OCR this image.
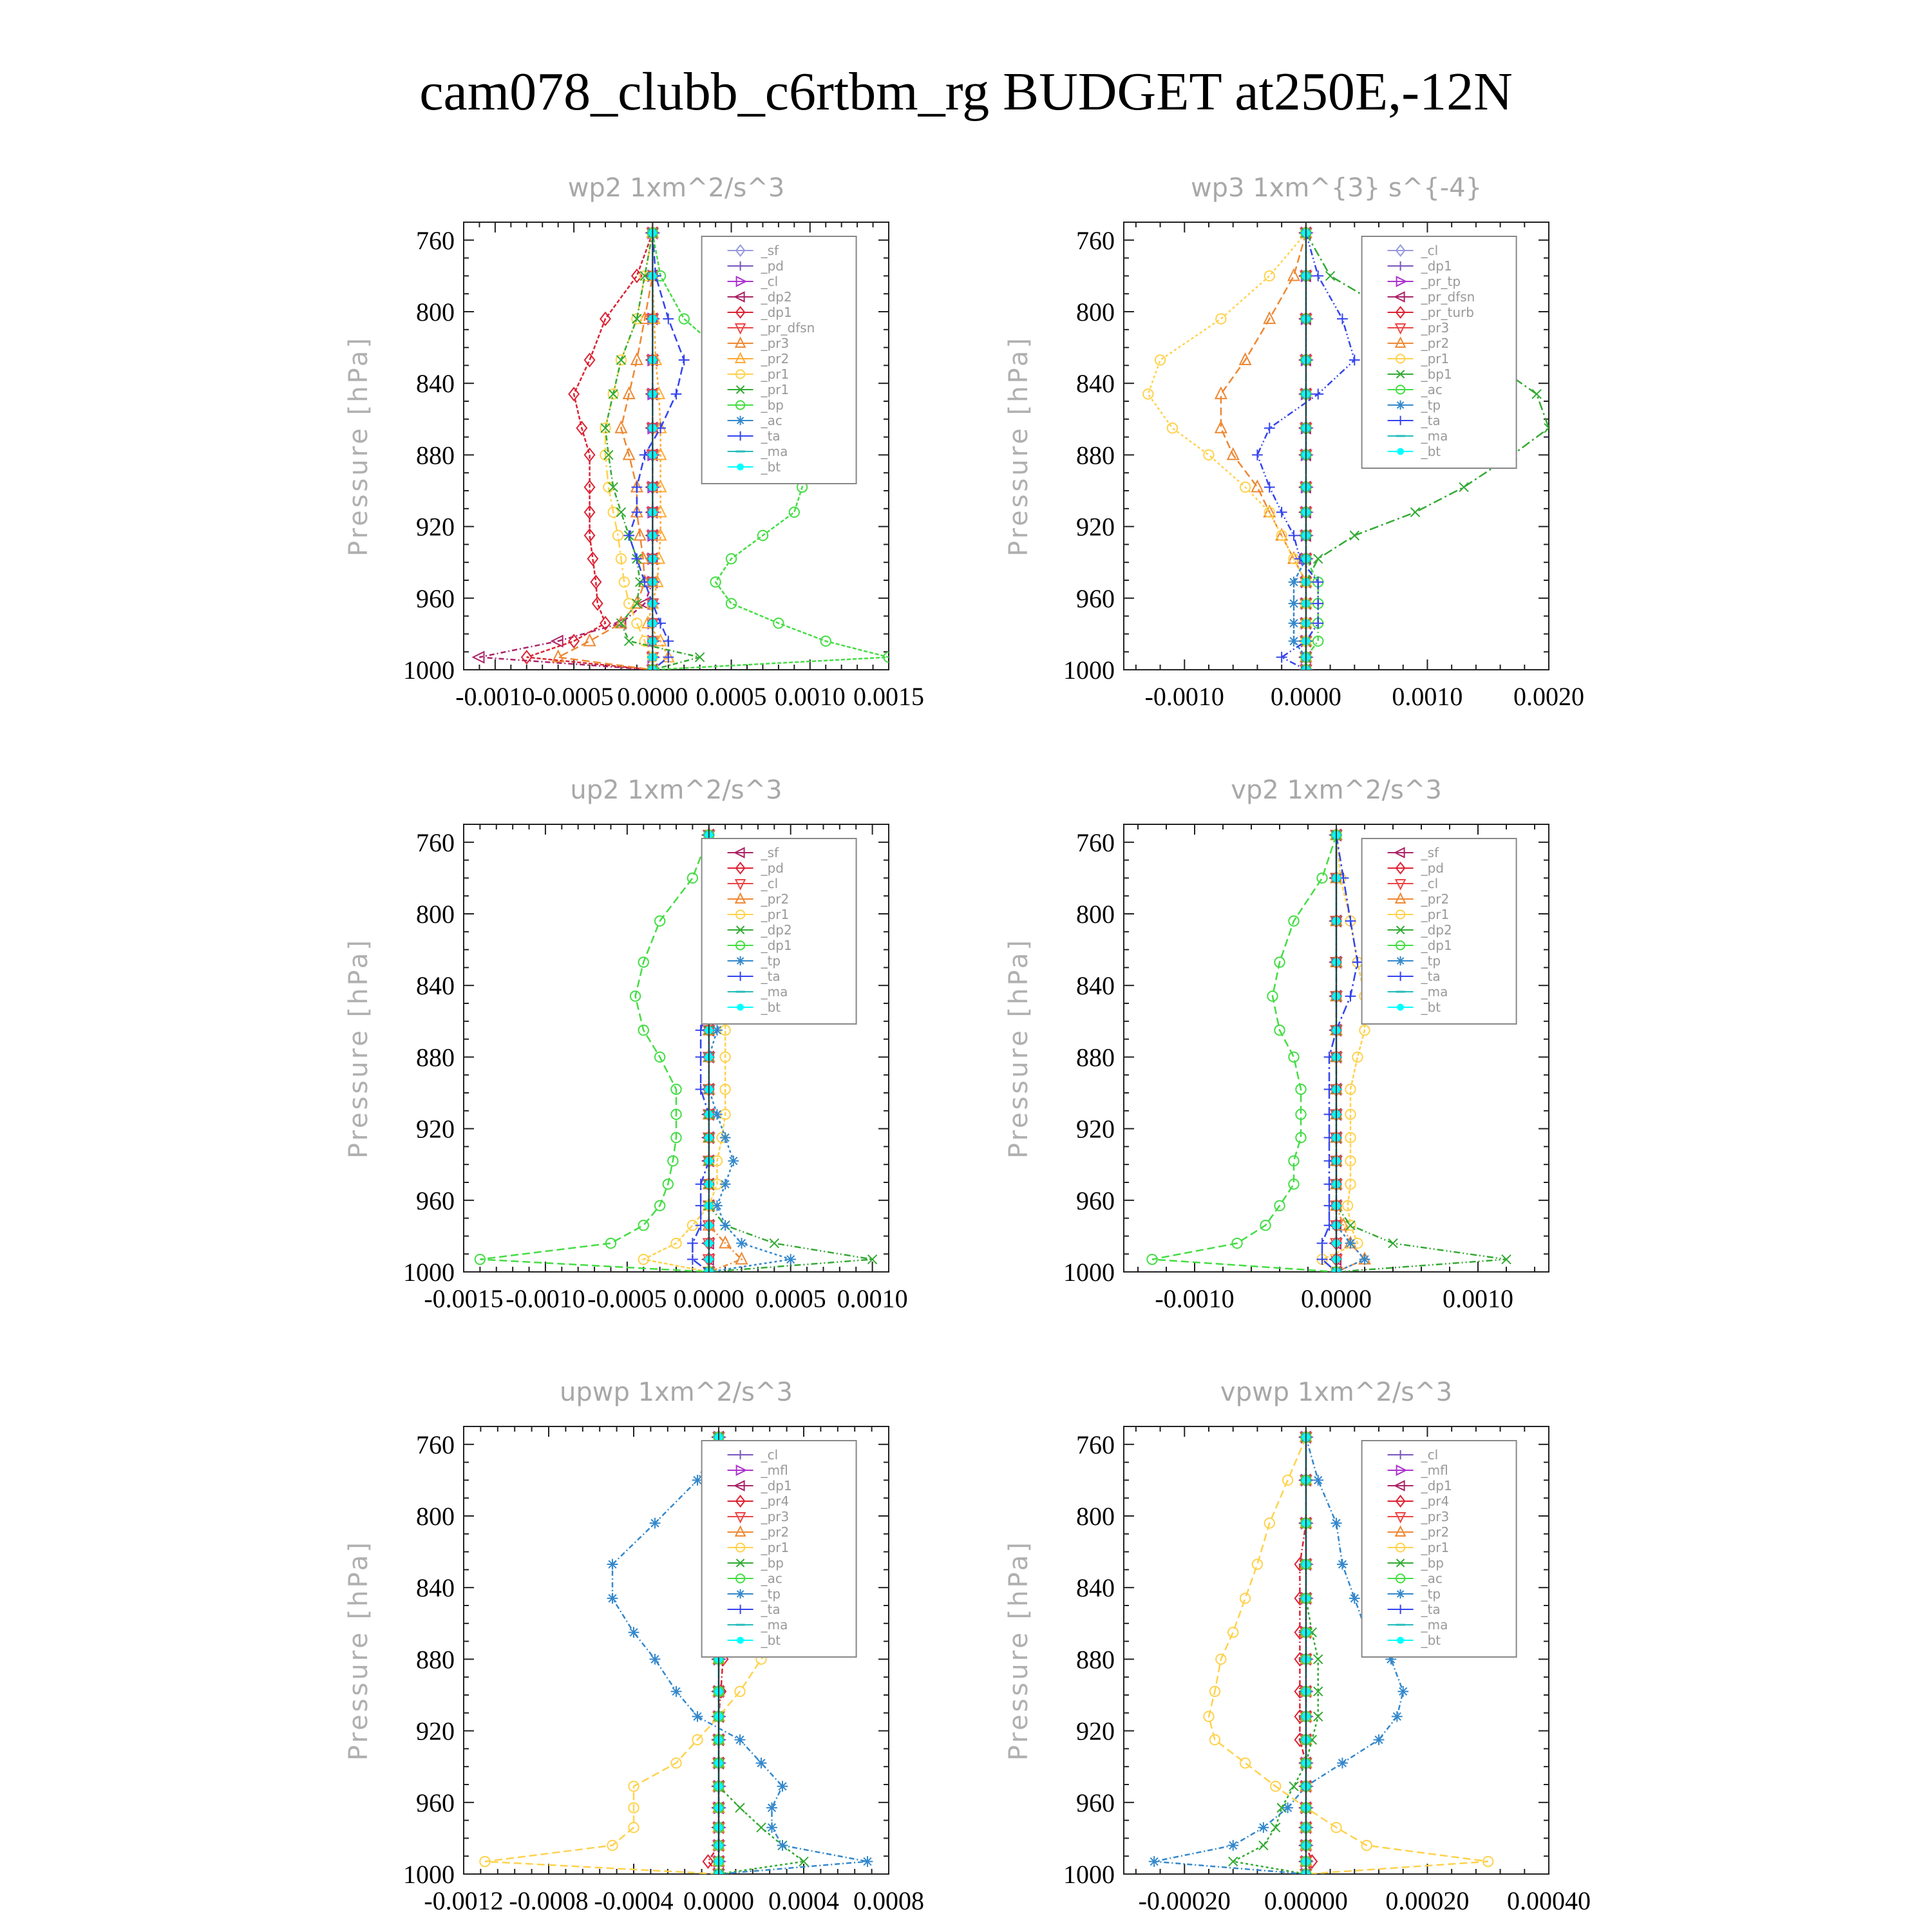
cam078_clubb_c6rtbm_rg BUDGET at250E,-12N
wp2 1xm^2/s^3
Pressure [hPa]
760
800
840
880
920
960
1000
-0.0010
-0.0005 0.0000 0.0005 0.0010 0.0015
_sf
_pd
_cl
_dp2
_dp1
_pr_dfsn
_pr3
_pr2
_pr1
_pr1
_bp
_ac
_ta
_ma
_bt
wp3 1xm^{3} s^{-4}
Pressure [hPa]
760
800
840
880
920
960
1000
-0.0010 0.0000 0.0010 0.0020
_cl
_dp1
_pr_tp
_pr_dfsn
_pr_turb
_pr3
_pr2
_pr1
_bp1
_ac
_tp
_ta
_ma
_bt
up2 1xm^2/s^3
Pressure [hPa]
760
800
840
880
920
960
1000
-0.0015 -0.0010 -0.0005 0.0000 0.0005 0.0010
_sf
_pd
_cl
_pr2
_pr1
_dp2
_dp1
_tp
_ta
_ma
_bt
vp2 1xm^2/s^3
Pressure [hPa]
760
800
840
880
920
960
1000
-0.0010	0.0000	0.0010
_sf
_pd
_cl
_pr2
_pr1
_dp2
_dp1
_tp
_ta
_ma
_bt
upwp 1xm^2/s^3
Pressure [hPa]
760
800
840
880
920
960
1000
-0.0012 -0.0008 -0.0004 0.0000 0.0004 0.0008
_cl
_mfl
_dp1
_pr4
_pr3
_pr2
_pr1
_bp
_ac
_tp
_ta
_ma
_bt
vpwp 1xm^2/s^3
Pressure [hPa]
760
800
840
880
920
960
1000
-0.00020 0.00000 0.00020 0.00040
_cl
_mfl
_dp1
_pr4
_pr3
_pr2
_pr1
_bp
_ac
_tp
_ta
_ma
_bt
